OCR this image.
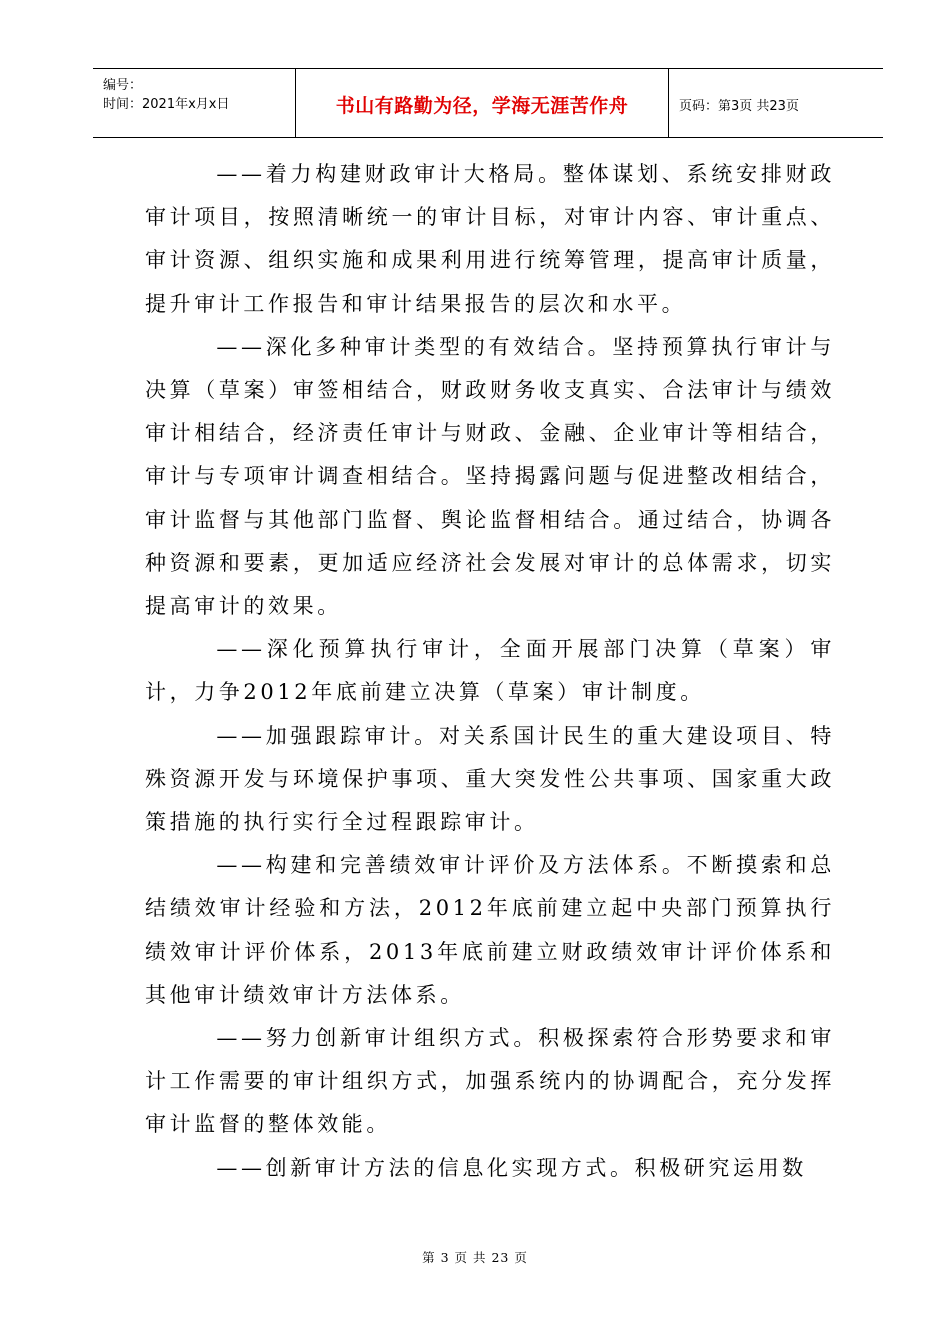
编号：
时间：2021年x月x日	书山有路勤为径，学海无涯苦作舟	页码：第3页 共23页

——着力构建财政审计大格局。整体谋划、系统安排财政审计项目，按照清晰统一的审计目标，对审计内容、审计重点、审计资源、组织实施和成果利用进行统筹管理，提高审计质量，提升审计工作报告和审计结果报告的层次和水平。

——深化多种审计类型的有效结合。坚持预算执行审计与决算（草案）审签相结合，财政财务收支真实、合法审计与绩效审计相结合，经济责任审计与财政、金融、企业审计等相结合，审计与专项审计调查相结合。坚持揭露问题与促进整改相结合，审计监督与其他部门监督、舆论监督相结合。通过结合，协调各种资源和要素，更加适应经济社会发展对审计的总体需求，切实提高审计的效果。

——深化预算执行审计，全面开展部门决算（草案）审计，力争2012年底前建立决算（草案）审计制度。

——加强跟踪审计。对关系国计民生的重大建设项目、特殊资源开发与环境保护事项、重大突发性公共事项、国家重大政策措施的执行实行全过程跟踪审计。

——构建和完善绩效审计评价及方法体系。不断摸索和总结绩效审计经验和方法，2012年底前建立起中央部门预算执行绩效审计评价体系，2013年底前建立财政绩效审计评价体系和其他审计绩效审计方法体系。

——努力创新审计组织方式。积极探索符合形势要求和审计工作需要的审计组织方式，加强系统内的协调配合，充分发挥审计监督的整体效能。

——创新审计方法的信息化实现方式。积极研究运用数

第 3 页 共 23 页
